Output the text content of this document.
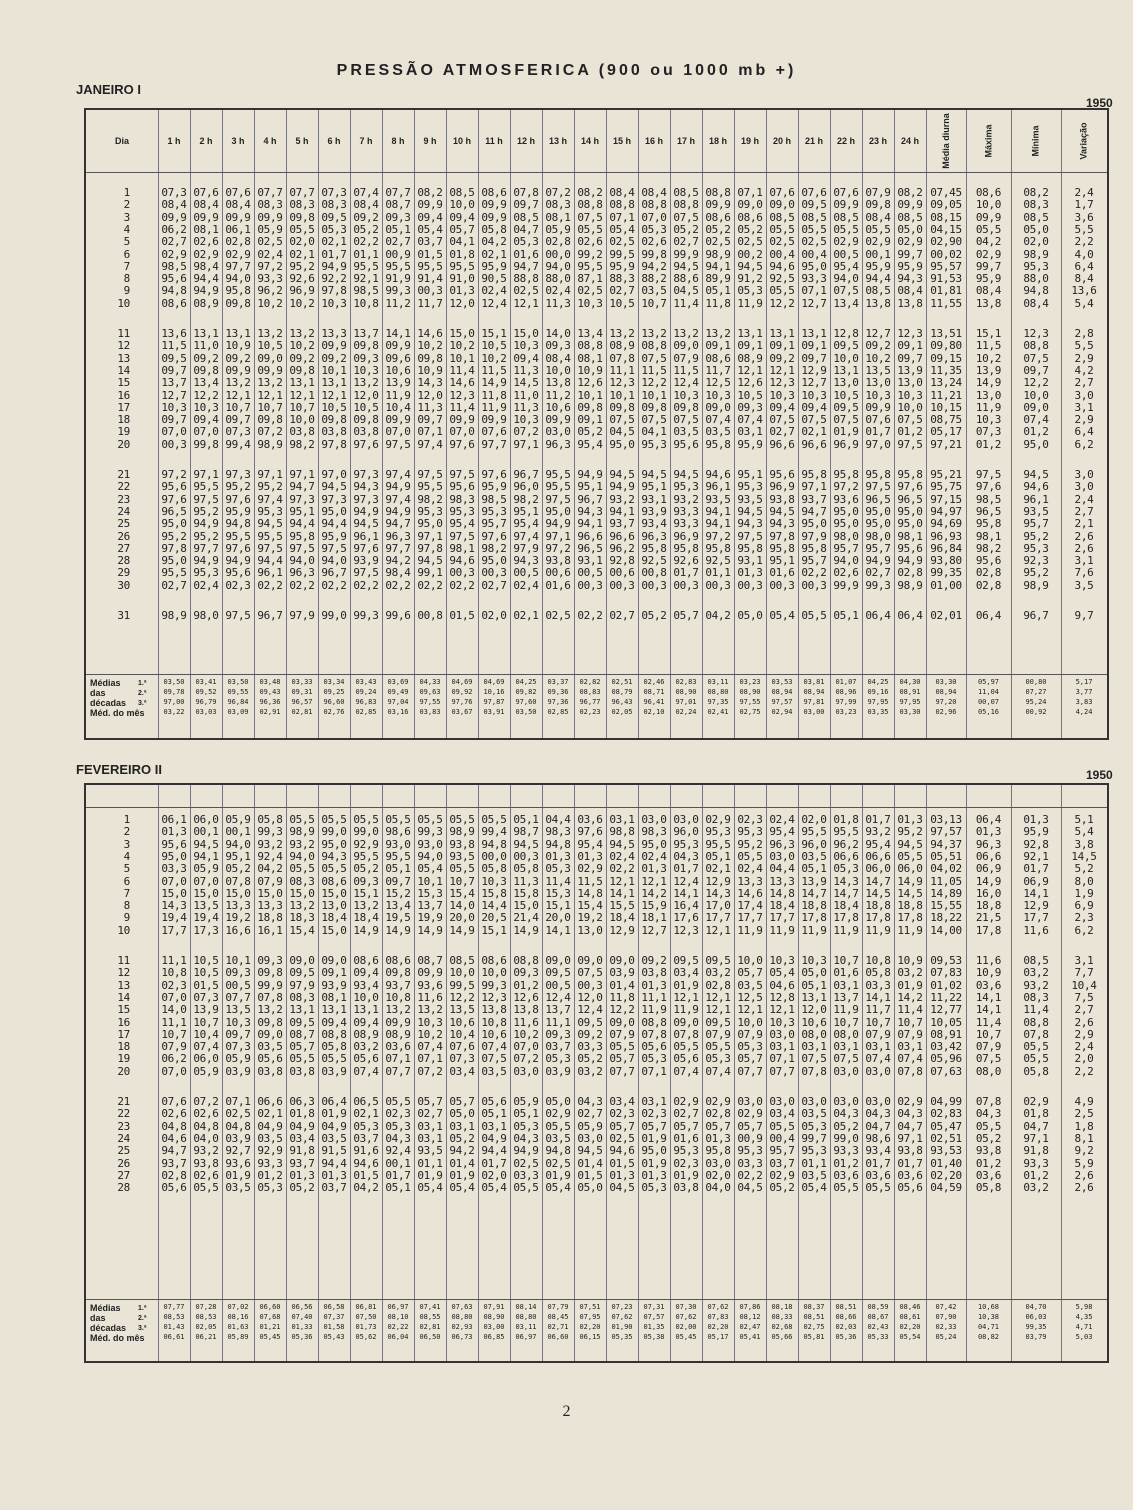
PRESSÃO ATMOSFERICA (900 ou 1000 mb +)
JANEIRO I
1950
Dia	1 h 2 h 3 h 4 h 5 h 6 h 7 h 8 h 9 h 10 h 11 h 12 h 13 h 14 h 15 h 16 h 17 h 18 h 19 h 20 h 21 h 22 h 23 h 24 h Média diurna	Máxima	Mínima	Variação
1	07,3 07,6 07,6 07,7 07,7 07,3 07,4 07,7 08,2 08,5 08,6 07,8 07,2 08,2 08,4 08,4 08,5 08,8 07,1 07,6 07,6 07,6 07,9 08,2 07,45	08,6	08,2	2,4
2	08,4 08,4 08,4 08,3 08,3 08,3 08,4 08,7 09,9 10,0 09,9 09,7 08,3 08,8 08,8 08,8 08,8 09,9 09,0 09,0 09,5 09,9 09,8 09,9 09,05	10,0	08,3	1,7
3	09,9 09,9 09,9 09,9 09,8 09,5 09,2 09,3 09,4 09,4 09,9 08,5 08,1 07,5 07,1 07,0 07,5 08,6 08,6 08,5 08,5 08,5 08,4 08,5 08,15	09,9	08,5	3,6
4	06,2 08,1 06,1 05,9 05,5 05,3 05,2 05,1 05,4 05,7 05,8 04,7 05,9 05,5 05,4 05,3 05,2 05,2 05,2 05,5 05,5 05,5 05,5 05,0 04,15	05,5	05,0	5,5
5	02,7 02,6 02,8 02,5 02,0 02,1 02,2 02,7 03,7 04,1 04,2 05,3 02,8 02,6 02,5 02,6 02,7 02,5 02,5 02,5 02,5 02,9 02,9 02,9 02,90	04,2	02,0	2,2
6	02,9 02,9 02,9 02,4 02,1 01,7 01,1 00,9 01,5 01,8 02,1 01,6 00,0 99,2 99,5 99,8 99,9 98,9 00,2 00,4 00,4 00,5 00,1 99,7 00,02	02,9	98,9	4,0
7	98,5 98,4 97,7 97,2 95,2 94,9 95,5 95,5 95,5 95,5 95,9 94,7 94,0 95,5 95,9 94,2 94,5 94,1 94,5 94,6 95,0 95,4 95,9 95,9 95,57	99,7	95,3	6,4
8	95,6 94,4 94,0 93,3 92,6 92,2 92,1 91,9 91,4 91,0 90,5 88,8 88,0 87,1 88,3 88,2 88,6 89,9 91,2 92,5 93,3 94,0 94,4 94,3 91,53	95,9	88,0	8,4
9	94,8 94,9 95,8 96,2 96,9 97,8 98,5 99,3 00,3 01,3 02,4 02,5 02,4 02,5 02,7 03,5 04,5 05,1 05,3 05,5 07,1 07,5 08,5 08,4 01,81	08,4	94,8	13,6
10	08,6 08,9 09,8 10,2 10,2 10,3 10,8 11,2 11,7 12,0 12,4 12,1 11,3 10,3 10,5 10,7 11,4 11,8 11,9 12,2 12,7 13,4 13,8 13,8 11,55	13,8	08,4	5,4
11	13,6 13,1 13,1 13,2 13,2 13,3 13,7 14,1 14,6 15,0 15,1 15,0 14,0 13,4 13,2 13,2 13,2 13,2 13,1 13,1 13,1 12,8 12,7 12,3 13,51	15,1	12,3	2,8
12	11,5 11,0 10,9 10,5 10,2 09,9 09,8 09,9 10,2 10,2 10,5 10,3 09,3 08,8 08,9 08,8 09,0 09,1 09,1 09,1 09,1 09,5 09,2 09,1 09,80	11,5	08,8	5,5
13	09,5 09,2 09,2 09,0 09,2 09,2 09,3 09,6 09,8 10,1 10,2 09,4 08,4 08,1 07,8 07,5 07,9 08,6 08,9 09,2 09,7 10,0 10,2 09,7 09,15	10,2	07,5	2,9
14	09,7 09,8 09,9 09,9 09,8 10,1 10,3 10,6 10,9 11,4 11,5 11,3 10,0 10,9 11,1 11,5 11,5 11,7 12,1 12,1 12,9 13,1 13,5 13,9 11,35	13,9	09,7	4,2
15	13,7 13,4 13,2 13,2 13,1 13,1 13,2 13,9 14,3 14,6 14,9 14,5 13,8 12,6 12,3 12,2 12,4 12,5 12,6 12,3 12,7 13,0 13,0 13,0 13,24	14,9	12,2	2,7
16	12,7 12,2 12,1 12,1 12,1 12,1 12,0 11,9 12,0 12,3 11,8 11,0 11,2 10,1 10,1 10,1 10,3 10,3 10,5 10,3 10,3 10,5 10,3 10,3 11,21	13,0	10,0	3,0
17	10,3 10,3 10,7 10,7 10,7 10,5 10,5 10,4 11,3 11,4 11,9 11,3 10,6 09,8 09,8 09,8 09,8 09,0 09,3 09,4 09,4 09,5 09,9 10,0 10,15	11,9	09,0	3,1
18	09,7 09,4 09,7 09,8 10,0 09,8 09,8 09,9 09,7 09,9 09,9 10,3 09,9 09,1 07,5 07,5 07,5 07,4 07,4 07,5 07,5 07,5 07,6 07,5 08,75	10,3	07,4	2,9
19	07,0 07,0 07,3 07,2 03,8 03,8 03,8 07,0 07,1 07,0 07,6 07,2 03,0 05,2 04,5 04,1 03,5 03,5 03,1 02,7 02,1 01,9 01,7 01,2 05,17	07,3	01,2	6,4
20	00,3 99,8 99,4 98,9 98,2 97,8 97,6 97,5 97,4 97,6 97,7 97,1 96,3 95,4 95,0 95,3 95,6 95,8 95,9 96,6 96,6 96,9 97,0 97,5 97,21	01,2	95,0	6,2
21	97,2 97,1 97,3 97,1 97,1 97,0 97,3 97,4 97,5 97,5 97,6 96,7 95,5 94,9 94,5 94,5 94,5 94,6 95,1 95,6 95,8 95,8 95,8 95,8 95,21	97,5	94,5	3,0
22	95,6 95,5 95,2 95,2 94,7 94,5 94,3 94,9 95,5 95,6 95,9 96,0 95,5 95,1 94,9 95,1 95,3 96,1 95,3 96,9 97,1 97,2 97,5 97,6 95,75	97,6	94,6	3,0
23	97,6 97,5 97,6 97,4 97,3 97,3 97,3 97,4 98,2 98,3 98,5 98,2 97,5 96,7 93,2 93,1 93,2 93,5 93,5 93,8 93,7 93,6 96,5 96,5 97,15	98,5	96,1	2,4
24	96,5 95,2 95,9 95,3 95,1 95,0 94,9 94,9 95,3 95,3 95,3 95,1 95,0 94,3 94,1 93,9 93,3 94,1 94,5 94,5 94,7 95,0 95,0 95,0 94,97	96,5	93,5	2,7
25	95,0 94,9 94,8 94,5 94,4 94,4 94,5 94,7 95,0 95,4 95,7 95,4 94,9 94,1 93,7 93,4 93,3 94,1 94,3 94,3 95,0 95,0 95,0 95,0 94,69	95,8	95,7	2,1
26	95,2 95,2 95,5 95,5 95,8 95,9 96,1 96,3 97,1 97,5 97,6 97,4 97,1 96,6 96,6 96,3 96,9 97,2 97,5 97,8 97,9 98,0 98,0 98,1 96,93	98,1	95,2	2,6
27	97,8 97,7 97,6 97,5 97,5 97,5 97,6 97,7 97,8 98,1 98,2 97,9 97,2 96,5 96,2 95,8 95,8 95,8 95,8 95,8 95,8 95,7 95,7 95,6 96,84	98,2	95,3	2,6
28	95,0 94,9 94,9 94,4 94,0 94,0 93,9 94,2 94,5 94,6 95,0 94,3 93,8 93,1 92,8 92,5 92,6 92,5 93,1 95,1 95,7 94,0 94,9 94,9 93,80	95,6	92,3	3,1
29	95,5 95,3 95,6 96,1 96,3 96,7 97,5 98,4 99,1 00,3 00,3 00,5 00,6 00,5 00,6 00,8 01,7 01,1 01,3 01,6 02,2 02,6 02,7 02,8 99,35	02,8	95,2	7,6
30	02,7 02,4 02,3 02,2 02,2 02,2 02,2 02,2 02,2 02,2 02,7 02,4 01,6 00,3 00,3 00,3 00,3 00,3 00,3 00,3 00,3 99,9 99,3 98,9 01,00	02,8	98,9	3,5
31	98,9 98,0 97,5 96,7 97,9 99,0 99,3 99,6 00,8 01,5 02,0 02,1 02,5 02,2 02,7 05,2 05,7 04,2 05,0 05,4 05,5 05,1 06,4 06,4 02,01	06,4	96,7	9,7
Médias
das
décadas
Méd. do mês
1.ª
2.ª
3.ª
03,50	03,41	03,50	03,48	03,33	03,34	03,43	03,69	04,33	04,69	04,69	04,25	03,37	02,82	02,51	02,46	02,83	03,11	03,23	03,53	03,81	01,07	04,25	04,30	03,30	05,97	00,80	5,17
09,78	09,52	09,55	09,43	09,31	09,25	09,24	09,49	09,63	09,92	10,16	09,82	09,36	08,83	08,79	08,71	08,90	08,80	08,90	08,94	08,94	08,96	09,16	08,91	08,94	11,04	07,27	3,77
97,00	96,79	96,84	96,36	96,57	96,60	96,83	97,04	97,55	97,76	97,87	97,60	97,36	96,77	96,43	96,41	97,01	97,35	97,55	97,57	97,81	97,99	97,95	97,95	97,20	00,07	95,24	3,83
03,22	03,03	03,09	02,91	02,81	02,76	02,85	03,16	03,83	03,67	03,91	03,50	02,85	02,23	02,05	02,10	02,24	02,41	02,75	02,94	03,00	03,23	03,35	03,30	02,96	05,16	00,92	4,24
FEVEREIRO II	1950
1	06,1 06,0 05,9 05,8 05,5 05,5 05,5 05,5 05,5 05,5 05,5 05,1 04,4 03,6 03,1 03,0 03,0 02,9 02,3 02,4 02,0 01,8 01,7 01,3 03,13	06,4	01,3	5,1
2	01,3 00,1 00,1 99,3 98,9 99,0 99,0 98,6 99,3 98,9 99,4 98,7 98,3 97,6 98,8 98,3 96,0 95,3 95,3 95,4 95,5 95,5 93,2 95,2 97,57	01,3	95,9	5,4
3	95,6 94,5 94,0 93,2 93,2 95,0 92,9 93,0 93,0 93,8 94,8 94,5 94,8 95,4 94,5 95,0 95,3 95,5 95,2 96,3 96,0 96,2 95,4 94,5 94,37	96,3	92,8	3,8
4	95,0 94,1 95,1 92,4 94,0 94,3 95,5 95,5 94,0 93,5 00,0 00,3 01,3 01,3 02,4 02,4 04,3 05,1 05,5 03,0 03,5 06,6 06,6 05,5 05,51	06,6	92,1	14,5
5	03,3 05,9 05,2 04,2 05,5 05,5 05,2 05,1 05,4 05,5 05,8 05,8 05,3 02,9 02,2 01,3 01,7 02,1 02,4 04,4 05,1 05,3 06,0 06,0 04,02	06,9	01,7	5,2
6	07,0 07,0 07,8 07,9 08,3 08,6 09,3 09,7 10,1 10,7 10,3 11,3 11,4 11,5 12,1 12,1 12,4 12,9 13,3 13,3 13,9 14,3 14,7 14,9 11,05	14,9	06,9	8,0
7	15,0 15,0 15,0 15,0 15,0 15,0 15,1 15,2 15,3 15,4 15,8 15,8 15,3 14,8 14,1 14,2 14,1 14,3 14,6 14,8 14,7 14,7 14,5 14,5 14,89	16,0	14,1	1,9
8	14,3 13,5 13,3 13,3 13,2 13,0 13,2 13,4 13,7 14,0 14,4 15,0 15,1 15,4 15,5 15,9 16,4 17,0 17,4 18,4 18,8 18,4 18,8 18,8 15,55	18,8	12,9	6,9
9	19,4 19,4 19,2 18,8 18,3 18,4 18,4 19,5 19,9 20,0 20,5 21,4 20,0 19,2 18,4 18,1 17,6 17,7 17,7 17,7 17,8 17,8 17,8 17,8 18,22	21,5	17,7	2,3
10	17,7 17,3 16,6 16,1 15,4 15,0 14,9 14,9 14,9 14,9 15,1 14,9 14,1 13,0 12,9 12,7 12,3 12,1 11,9 11,9 11,9 11,9 11,9 11,9 14,00	17,8	11,6	6,2
11	11,1 10,5 10,1 09,3 09,0 09,0 08,6 08,6 08,7 08,5 08,6 08,8 09,0 09,0 09,0 09,2 09,5 09,5 10,0 10,3 10,3 10,7 10,8 10,9 09,53	11,6	08,5	3,1
12	10,8 10,5 09,3 09,8 09,5 09,1 09,4 09,8 09,9 10,0 10,0 09,3 09,5 07,5 03,9 03,8 03,4 03,2 05,7 05,4 05,0 01,6 05,8 03,2 07,83	10,9	03,2	7,7
13	02,3 01,5 00,5 99,9 97,9 93,9 93,4 93,7 93,6 99,5 99,3 01,2 00,5 00,3 01,4 01,3 01,9 02,8 03,5 04,6 05,1 03,1 03,3 01,9 01,02	03,6	93,2	10,4
14	07,0 07,3 07,7 07,8 08,3 08,1 10,0 10,8 11,6 12,2 12,3 12,6 12,4 12,0 11,8 11,1 12,1 12,1 12,5 12,8 13,1 13,7 14,1 14,2 11,22	14,1	08,3	7,5
15	14,0 13,9 13,5 13,2 13,1 13,1 13,1 13,2 13,2 13,5 13,8 13,8 13,7 12,4 12,2 11,9 11,9 12,1 12,1 12,1 12,0 11,9 11,7 11,4 12,77	14,1	11,4	2,7
16	11,1 10,7 10,3 09,8 09,5 09,4 09,4 09,9 10,3 10,6 10,8 11,6 11,1 09,5 09,0 08,8 09,0 09,5 10,0 10,3 10,6 10,7 10,7 10,7 10,05	11,4	08,8	2,6
17	10,7 10,4 09,7 09,0 08,7 08,8 08,9 08,9 10,2 10,4 10,6 10,2 09,3 09,2 07,9 07,8 07,8 07,9 07,9 03,0 08,0 08,0 07,9 07,9 08,91	10,7	07,8	2,9
18	07,9 07,4 07,3 03,5 05,7 05,8 03,2 03,6 07,4 07,6 07,4 07,0 03,7 03,3 05,5 05,6 05,5 05,5 05,3 03,1 03,1 03,1 03,1 03,1 03,42	07,9	05,5	2,4
19	06,2 06,0 05,9 05,6 05,5 05,5 05,6 07,1 07,1 07,3 07,5 07,2 05,3 05,2 05,7 05,3 05,6 05,3 05,7 07,1 07,5 07,5 07,4 07,4 05,96	07,5	05,5	2,0
20	07,0 05,9 03,9 03,8 03,8 03,9 07,4 07,7 07,2 03,4 03,5 03,0 03,9 03,2 07,7 07,1 07,4 07,4 07,7 07,7 07,8 03,0 03,0 07,8 07,63	08,0	05,8	2,2
21	07,6 07,2 07,1 06,6 06,3 06,4 06,5 05,5 05,7 05,7 05,6 05,9 05,0 04,3 03,4 03,1 02,9 02,9 03,0 03,0 03,0 03,0 03,0 02,9 04,99	07,8	02,9	4,9
22	02,6 02,6 02,5 02,1 01,8 01,9 02,1 02,3 02,7 05,0 05,1 05,1 02,9 02,7 02,3 02,3 02,7 02,8 02,9 03,4 03,5 04,3 04,3 04,3 02,83	04,3	01,8	2,5
23	04,8 04,8 04,8 04,9 04,9 04,9 05,3 05,3 03,1 03,1 03,1 05,3 05,5 05,9 05,7 05,7 05,7 05,7 05,7 05,5 05,3 05,2 04,7 04,7 05,47	05,5	04,7	1,8
24	04,6 04,0 03,9 03,5 03,4 03,5 03,7 04,3 03,1 05,2 04,9 04,3 03,5 03,0 02,5 01,9 01,6 01,3 00,9 00,4 99,7 99,0 98,6 97,1 02,51	05,2	97,1	8,1
25	94,7 93,2 92,7 92,9 91,8 91,5 91,6 92,4 93,5 94,2 94,4 94,9 94,8 94,5 94,6 95,0 95,3 95,8 95,3 95,7 95,3 93,3 93,4 93,8 93,53	93,8	91,8	9,2
26	93,7 93,8 93,6 93,3 93,7 94,4 94,6 00,1 01,1 01,4 01,7 02,5 02,5 01,4 01,5 01,9 02,3 03,0 03,3 03,7 01,1 01,2 01,7 01,7 01,40	01,2	93,3	5,9
27	02,8 02,6 01,9 01,2 01,3 01,3 01,5 01,7 01,9 01,9 02,0 03,3 01,9 01,5 01,3 01,3 01,9 02,0 02,2 02,9 03,5 03,6 03,6 03,6 02,20	03,6	01,2	2,6
28	05,6 05,5 03,5 05,3 05,2 03,7 04,2 05,1 05,4 05,4 05,4 05,5 05,4 05,0 04,5 05,3 03,8 04,0 04,5 05,2 05,4 05,5 05,5 05,6 04,59	05,8	03,2	2,6
Médias
das
décadas
Méd. do mês
1.ª
2.ª
3.ª
07,77	07,28	07,02	06,60	06,56	06,58	06,81	06,97	07,41	07,63	07,91	08,14	07,79	07,51	07,23	07,31	07,30	07,62	07,86	08,18	08,37	08,51	08,59	08,46	07,42	10,68	04,70	5,98
08,53	08,53	08,16	07,68	07,40	07,37	07,50	08,10	08,55	08,80	08,90	08,80	08,45	07,95	07,62	07,57	07,62	07,83	08,12	08,33	08,51	08,66	08,67	08,61	07,90	10,38	06,03	4,35
01,43	02,05	01,63	01,21	01,33	01,58	01,73	02,22	02,81	02,93	03,00	03,11	02,71	02,20	01,90	01,35	02,00	02,20	02,47	02,68	02,75	02,03	02,43	02,20	02,33	04,71	99,35	4,71
06,61	06,21	05,89	05,45	05,36	05,43	05,62	06,04	06,50	06,73	06,85	06,97	06,60	06,15	05,35	05,38	05,45	05,17	05,41	05,66	05,81	05,36	05,33	05,54	05,24	08,82	03,79	5,03
2
